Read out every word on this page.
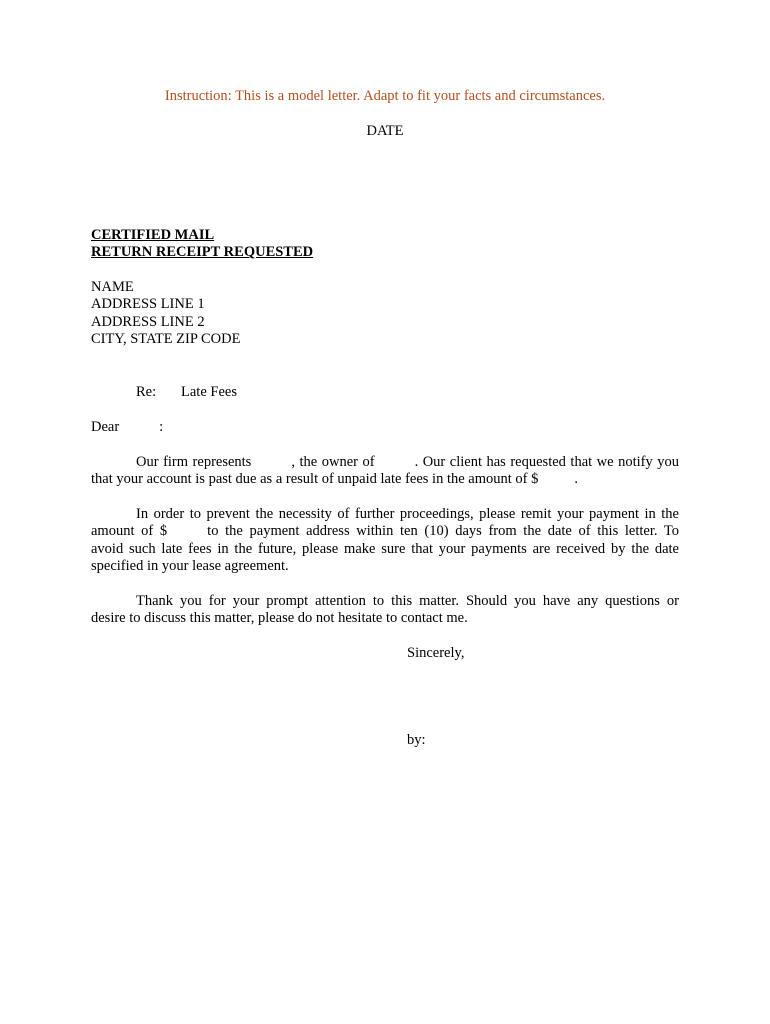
Instruction: This is a model letter. Adapt to fit your facts and circumstances.
DATE
CERTIFIED MAIL
RETURN RECEIPT REQUESTED
NAME
ADDRESS LINE 1
ADDRESS LINE 2
CITY, STATE ZIP CODE
Re: Late Fees
Dear	:
Our firm represents	, the owner of	. Our client has requested that we notify you
that your account is past due as a result of unpaid late fees in the amount of $ .
In order to prevent the necessity of further proceedings, please remit your payment in the
amount of $	to the payment address within ten (10) days from the date of this letter. To
avoid such late fees in the future, please make sure that your payments are received by the date
specified in your lease agreement.
Thank you for your prompt attention to this matter. Should you have any questions or
desire to discuss this matter, please do not hesitate to contact me.
Sincerely,
by:
